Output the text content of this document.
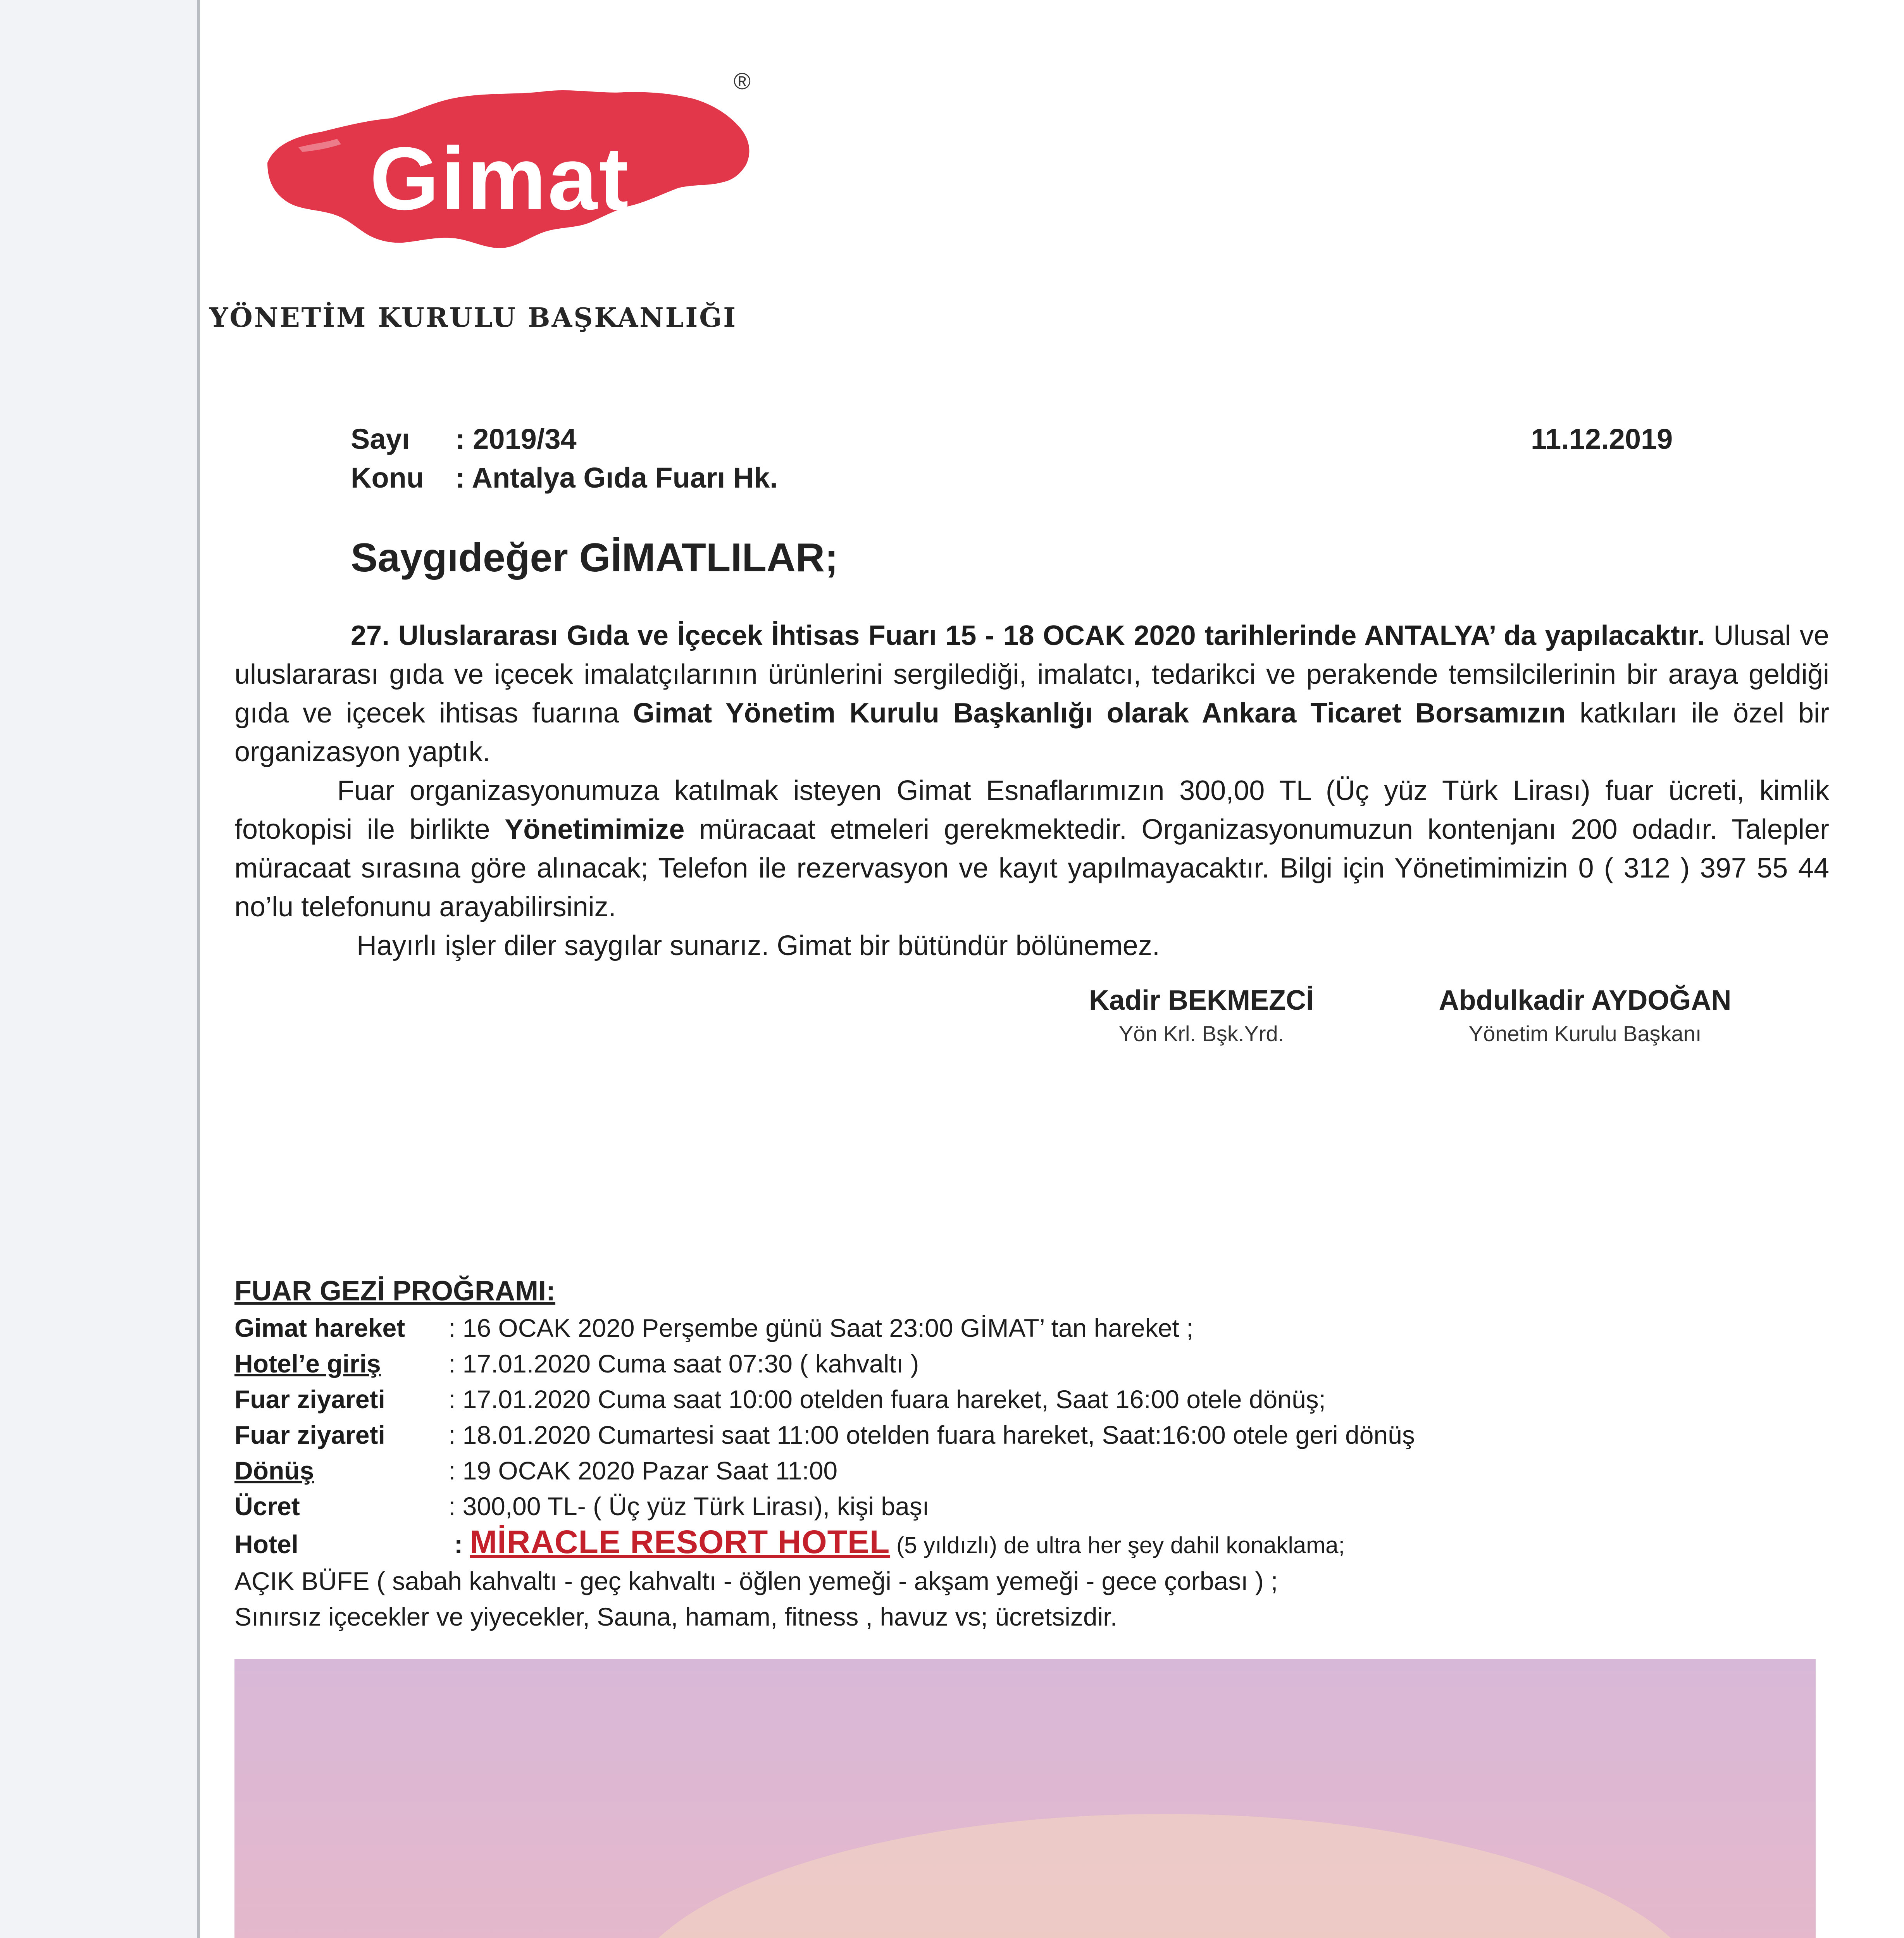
Gimat
®
YÖNETİM KURULU BAŞKANLIĞI
Sayı : 2019/34
Konu : Antalya Gıda Fuarı Hk.
11.12.2019
Saygıdeğer GİMATLILAR;

27. Uluslararası Gıda ve İçecek İhtisas Fuarı 15 - 18 OCAK 2020 tarihlerinde ANTALYA’ da yapılacaktır. Ulusal ve uluslararası gıda ve içecek imalatçılarının ürünlerini sergilediği, imalatcı, tedarikci ve perakende temsilcilerinin bir araya geldiği gıda ve içecek ihtisas fuarına Gimat Yönetim Kurulu Başkanlığı olarak Ankara Ticaret Borsamızın katkıları ile özel bir organizasyon yaptık.

Fuar organizasyonumuza katılmak isteyen Gimat Esnaflarımızın 300,00 TL (Üç yüz Türk Lirası) fuar ücreti, kimlik fotokopisi ile birlikte Yönetimimize müracaat etmeleri gerekmektedir. Organizasyonumuzun kontenjanı 200 odadır. Talepler müracaat sırasına göre alınacak; Telefon ile rezervasyon ve kayıt yapılmayacaktır. Bilgi için Yönetimimizin 0 ( 312 ) 397 55 44 no’lu telefonunu arayabilirsiniz.

Hayırlı işler diler saygılar sunarız. Gimat bir bütündür bölünemez.

Kadir BEKMEZCİ
Yön Krl. Bşk.Yrd.
Abdulkadir AYDOĞAN
Yönetim Kurulu Başkanı
FUAR GEZİ PROĞRAMI:
Gimat hareket : 16 OCAK 2020 Perşembe günü Saat 23:00 GİMAT’ tan hareket ;
Hotel’e giriş	: 17.01.2020 Cuma saat 07:30 ( kahvaltı )
Fuar ziyareti : 17.01.2020 Cuma saat 10:00 otelden fuara hareket, Saat 16:00 otele dönüş;
Fuar ziyareti : 18.01.2020 Cumartesi saat 11:00 otelden fuara hareket, Saat:16:00 otele geri dönüş
Dönüş	: 19 OCAK 2020 Pazar Saat 11:00
Ücret	: 300,00 TL- ( Üç yüz Türk Lirası), kişi başı
Hotel	: MİRACLE RESORT HOTEL (5 yıldızlı) de ultra her şey dahil konaklama;
AÇIK BÜFE ( sabah kahvaltı - geç kahvaltı - öğlen yemeği - akşam yemeği - gece çorbası ) ;
Sınırsız içecekler ve yiyecekler, Sauna, hamam, fitness , havuz vs; ücretsizdir.
